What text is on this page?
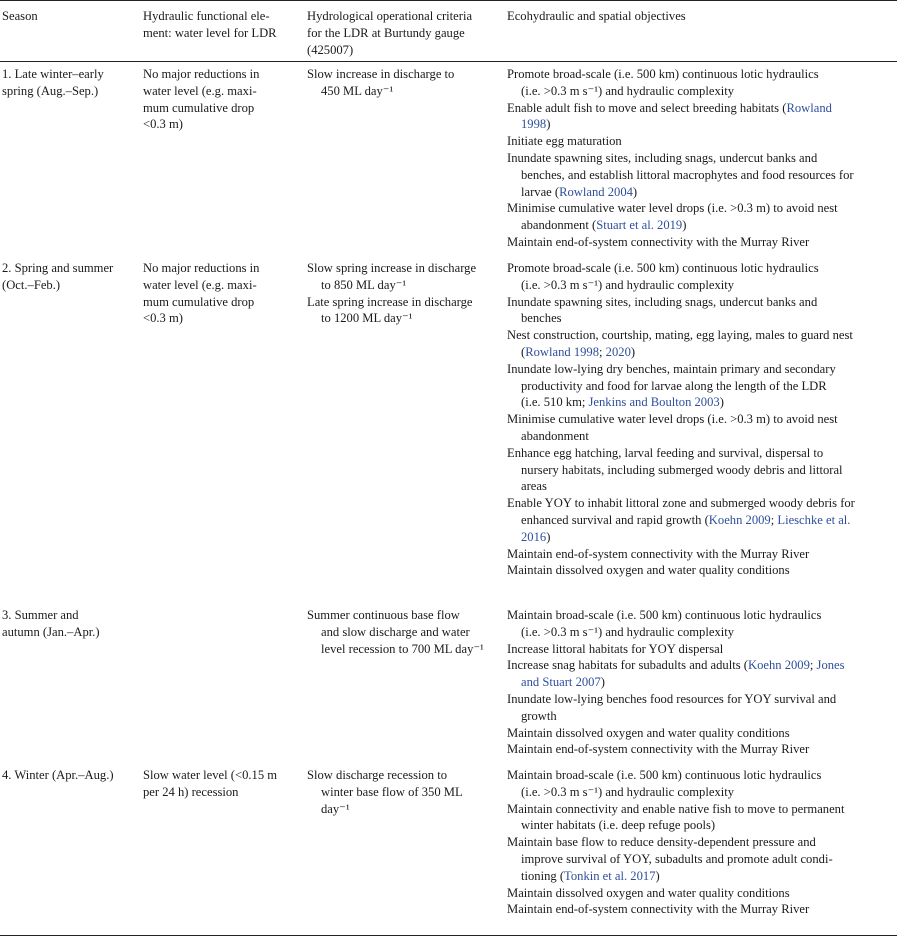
Season	Hydraulic functional ele-
ment: water level for LDR
Hydrological operational criteria
for the LDR at Burtundy gauge
(425007)
Ecohydraulic and spatial objectives
1. Late winter–early
spring (Aug.–Sep.)
No major reductions in
water level (e.g. maxi-
mum cumulative drop
<0.3 m)
Slow increase in discharge to
450 ML day⁻¹
Promote broad-scale (i.e. 500 km) continuous lotic hydraulics
(i.e. >0.3 m s⁻¹) and hydraulic complexity
Enable adult fish to move and select breeding habitats (Rowland
1998)
Initiate egg maturation
Inundate spawning sites, including snags, undercut banks and
benches, and establish littoral macrophytes and food resources for
larvae (Rowland 2004)
Minimise cumulative water level drops (i.e. >0.3 m) to avoid nest
abandonment (Stuart et al. 2019)
Maintain end-of-system connectivity with the Murray River
2. Spring and summer
(Oct.–Feb.)
No major reductions in
water level (e.g. maxi-
mum cumulative drop
<0.3 m)
Slow spring increase in discharge
to 850 ML day⁻¹
Late spring increase in discharge
to 1200 ML day⁻¹
Promote broad-scale (i.e. 500 km) continuous lotic hydraulics
(i.e. >0.3 m s⁻¹) and hydraulic complexity
Inundate spawning sites, including snags, undercut banks and
benches
Nest construction, courtship, mating, egg laying, males to guard nest
(Rowland 1998; 2020)
Inundate low-lying dry benches, maintain primary and secondary
productivity and food for larvae along the length of the LDR
(i.e. 510 km; Jenkins and Boulton 2003)
Minimise cumulative water level drops (i.e. >0.3 m) to avoid nest
abandonment
Enhance egg hatching, larval feeding and survival, dispersal to
nursery habitats, including submerged woody debris and littoral
areas
Enable YOY to inhabit littoral zone and submerged woody debris for
enhanced survival and rapid growth (Koehn 2009; Lieschke et al.
2016)
Maintain end-of-system connectivity with the Murray River
Maintain dissolved oxygen and water quality conditions
3. Summer and
autumn (Jan.–Apr.)
Summer continuous base flow
and slow discharge and water
level recession to 700 ML day⁻¹
Maintain broad-scale (i.e. 500 km) continuous lotic hydraulics
(i.e. >0.3 m s⁻¹) and hydraulic complexity
Increase littoral habitats for YOY dispersal
Increase snag habitats for subadults and adults (Koehn 2009; Jones
and Stuart 2007)
Inundate low-lying benches food resources for YOY survival and
growth
Maintain dissolved oxygen and water quality conditions
Maintain end-of-system connectivity with the Murray River
4. Winter (Apr.–Aug.)	Slow water level (<0.15 m
per 24 h) recession
Slow discharge recession to
winter base flow of 350 ML
day⁻¹
Maintain broad-scale (i.e. 500 km) continuous lotic hydraulics
(i.e. >0.3 m s⁻¹) and hydraulic complexity
Maintain connectivity and enable native fish to move to permanent
winter habitats (i.e. deep refuge pools)
Maintain base flow to reduce density-dependent pressure and
improve survival of YOY, subadults and promote adult condi-
tioning (Tonkin et al. 2017)
Maintain dissolved oxygen and water quality conditions
Maintain end-of-system connectivity with the Murray River
